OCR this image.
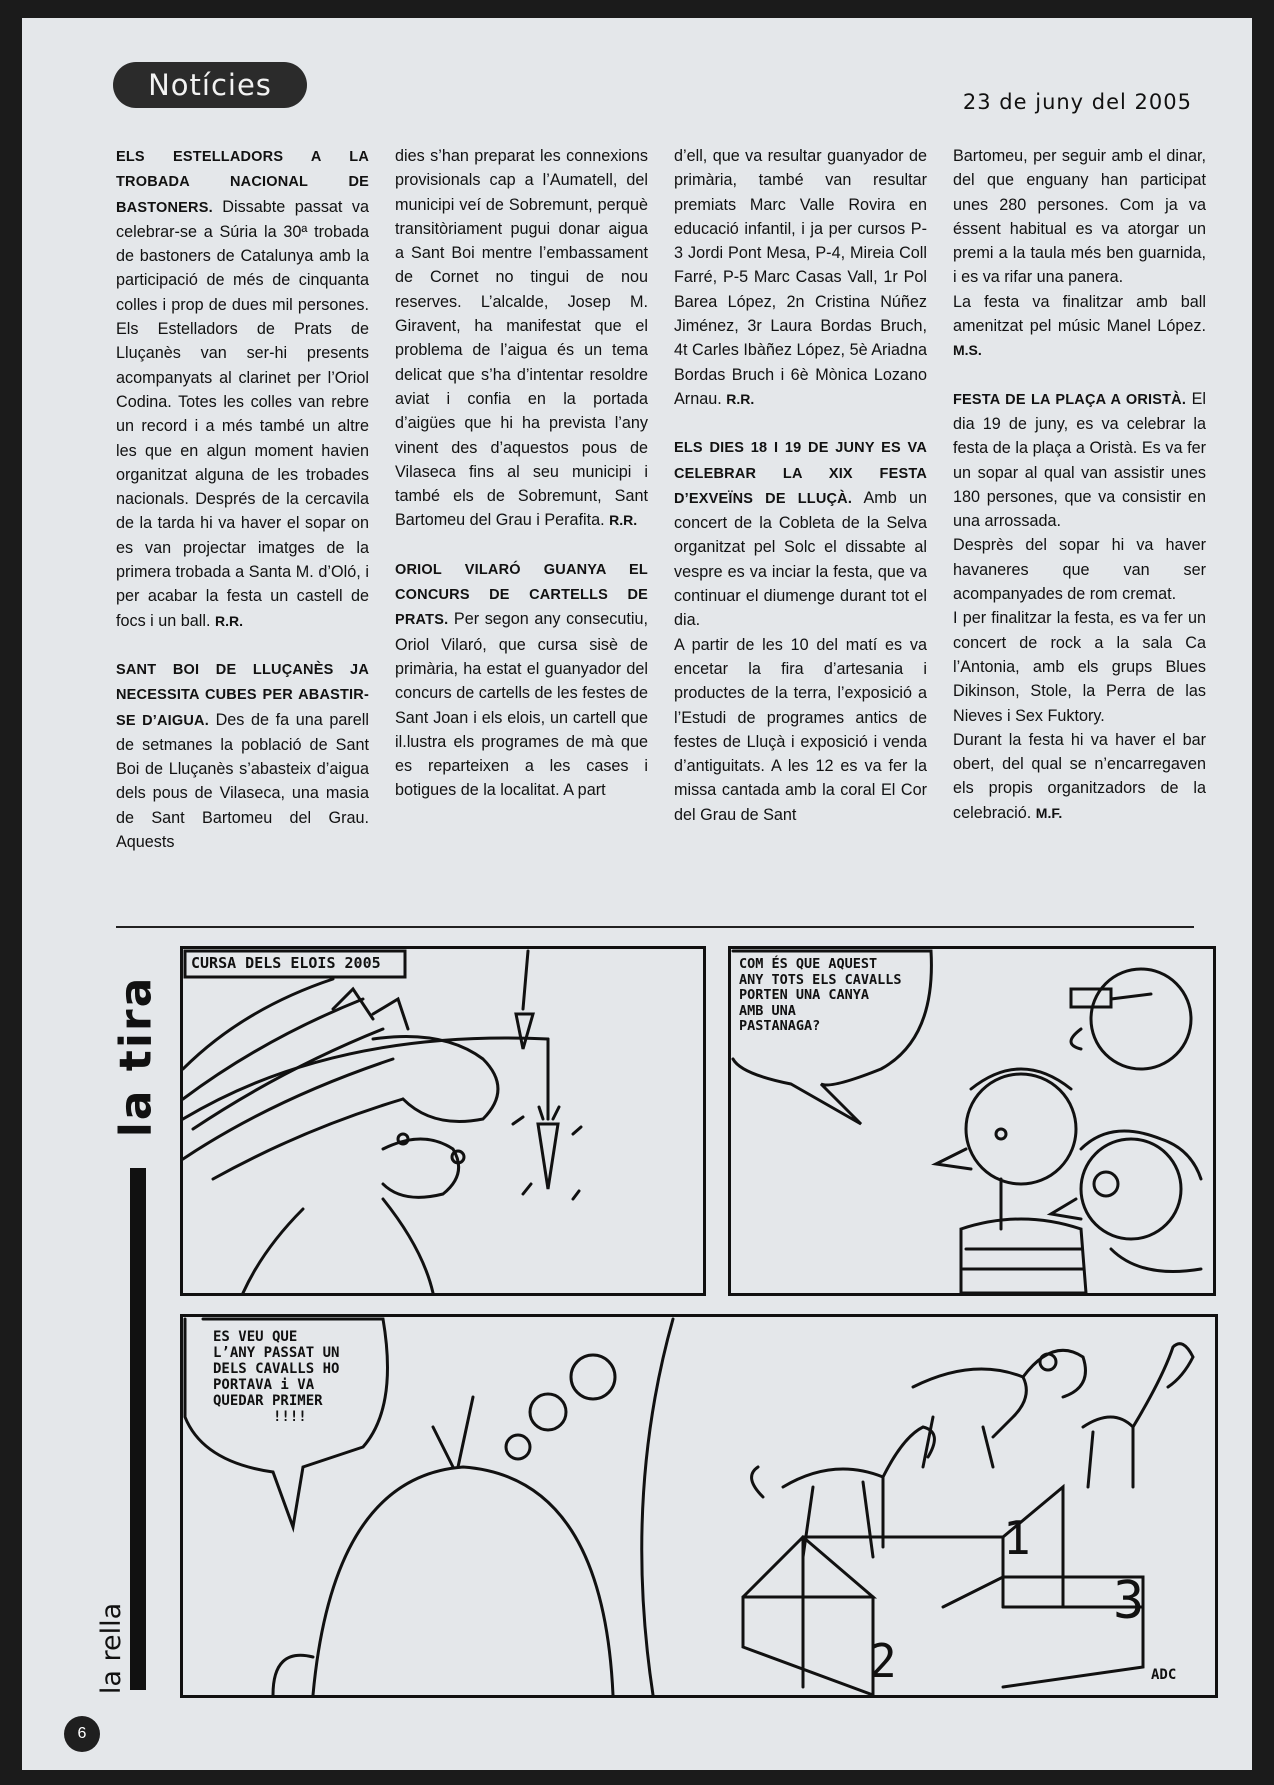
Notícies	23 de juny del 2005

ELS ESTELLADORS A LA TROBADA NACIONAL DE BASTONERS. Dissabte passat va celebrar-se a Súria la 30ª trobada de bastoners de Catalunya amb la participació de més de cinquanta colles i prop de dues mil persones. Els Estelladors de Prats de Lluçanès van ser-hi presents acompanyats al clarinet per l’Oriol Codina. Totes les colles van rebre un record i a més també un altre les que en algun moment havien organitzat alguna de les trobades nacionals. Després de la cercavila de la tarda hi va haver el sopar on es van projectar imatges de la primera trobada a Santa M. d’Oló, i per acabar la festa un castell de focs i un ball. R.R.

SANT BOI DE LLUÇANÈS JA NECESSITA CUBES PER ABASTIR-SE D’AIGUA. Des de fa una parell de setmanes la població de Sant Boi de Lluçanès s’abasteix d’aigua dels pous de Vilaseca, una masia de Sant Bartomeu del Grau. Aquests

dies s’han preparat les connexions provisionals cap a l’Aumatell, del municipi veí de Sobremunt, perquè transitòriament pugui donar aigua a Sant Boi mentre l’embassament de Cornet no tingui de nou reserves. L’alcalde, Josep M. Giravent, ha manifestat que el problema de l’aigua és un tema delicat que s’ha d’intentar resoldre aviat i confia en la portada d’aigües que hi ha prevista l’any vinent des d’aquestos pous de Vilaseca fins al seu municipi i també els de Sobremunt, Sant Bartomeu del Grau i Perafita. R.R.

ORIOL VILARÓ GUANYA EL CONCURS DE CARTELLS DE PRATS. Per segon any consecutiu, Oriol Vilaró, que cursa sisè de primària, ha estat el guanyador del concurs de cartells de les festes de Sant Joan i els elois, un cartell que il.lustra els programes de mà que es reparteixen a les cases i botigues de la localitat. A part

d’ell, que va resultar guanyador de primària, també van resultar premiats Marc Valle Rovira en educació infantil, i ja per cursos P-3 Jordi Pont Mesa, P-4, Mireia Coll Farré, P-5 Marc Casas Vall, 1r Pol Barea López, 2n Cristina Núñez Jiménez, 3r Laura Bordas Bruch, 4t Carles Ibàñez López, 5è Ariadna Bordas Bruch i 6è Mònica Lozano Arnau. R.R.

ELS DIES 18 I 19 DE JUNY ES VA CELEBRAR LA XIX FESTA D’EXVEÏNS DE LLUÇÀ. Amb un concert de la Cobleta de la Selva organitzat pel Solc el dissabte al vespre es va inciar la festa, que va continuar el diumenge durant tot el dia.

A partir de les 10 del matí es va encetar la fira d’artesania i productes de la terra, l’exposició a l’Estudi de programes antics de festes de Lluçà i exposició i venda d’antiguitats. A les 12 es va fer la missa cantada amb la coral El Cor del Grau de Sant

Bartomeu, per seguir amb el dinar, del que enguany han participat unes 280 persones. Com ja va éssent habitual es va atorgar un premi a la taula més ben guarnida, i es va rifar una panera.

La festa va finalitzar amb ball amenitzat pel músic Manel López. M.S.

FESTA DE LA PLAÇA A ORISTÀ. El dia 19 de juny, es va celebrar la festa de la plaça a Oristà. Es va fer un sopar al qual van assistir unes 180 persones, que va consistir en una arrossada.

Desprès del sopar hi va haver havaneres que van ser acompanyades de rom cremat.

I per finalitzar la festa, es va fer un concert de rock a la sala Ca l’Antonia, amb els grups Blues Dikinson, Stole, la Perra de las Nieves i Sex Fuktory.

Durant la festa hi va haver el bar obert, del qual se n’encarregaven els propis organitzadors de la celebració. M.F.

la tira
la rella
6
CURSA DELS ELOIS 2005	COM ÉS QUE AQUEST
ANY TOTS ELS CAVALLS
PORTEN UNA CANYA
AMB UNA
PASTANAGA?
ES VEU QUE
L’ANY PASSAT UN
DELS CAVALLS HO
PORTAVA i VA
QUEDAR PRIMER
!!!!
1
2
3
ADC
